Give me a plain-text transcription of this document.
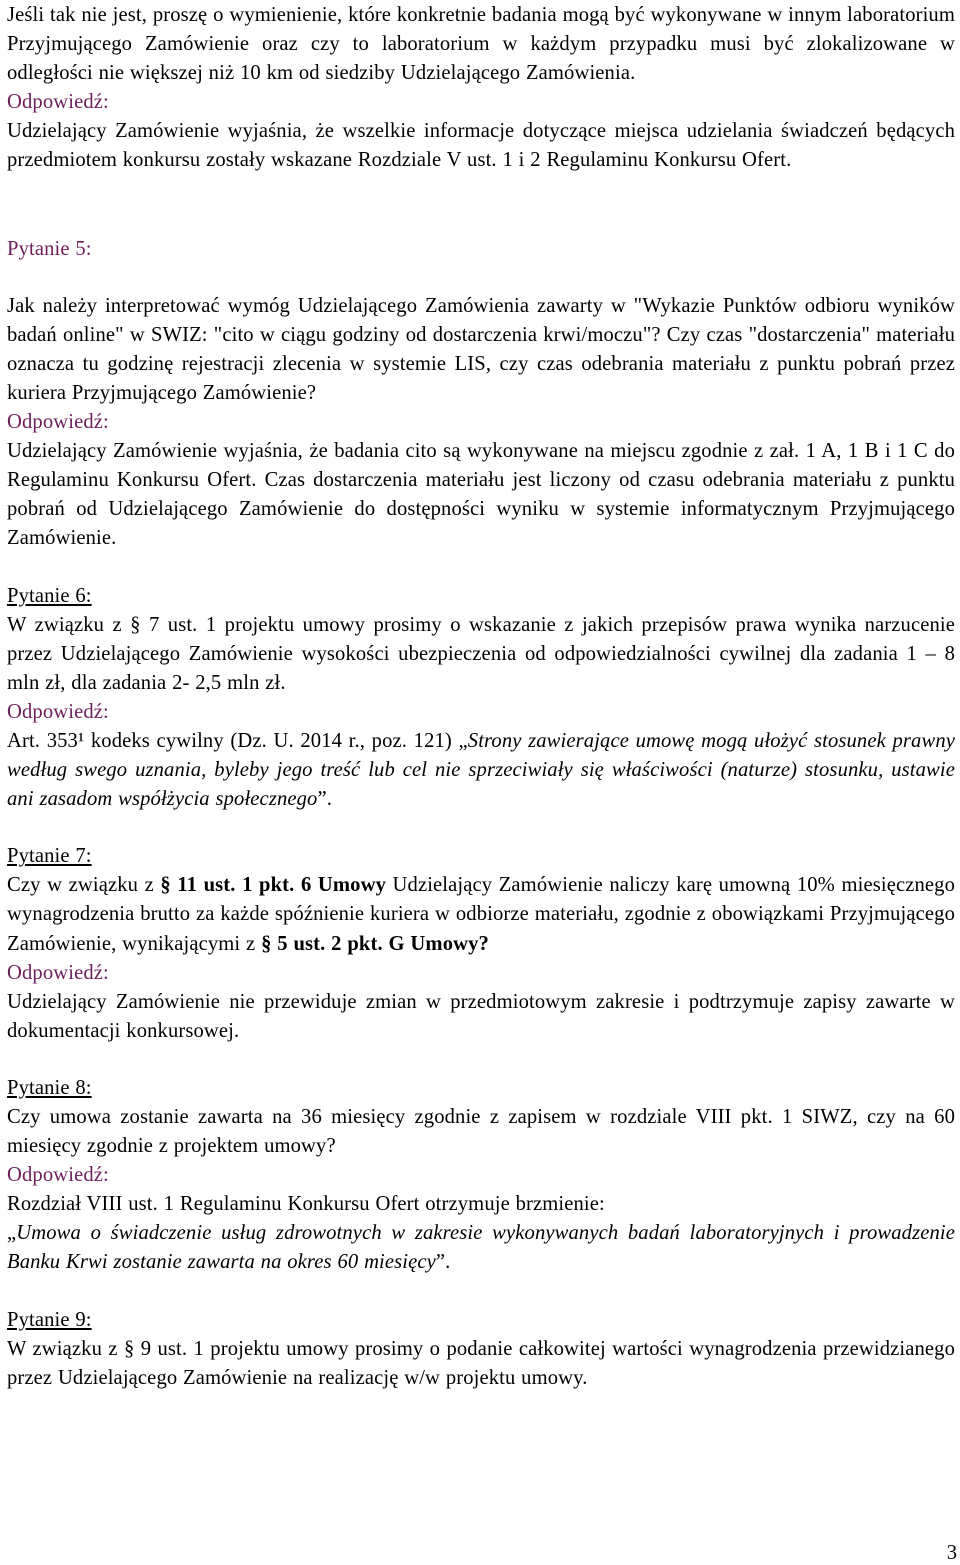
Jeśli tak nie jest, proszę o wymienienie, które konkretnie badania mogą być wykonywane w innym laboratorium Przyjmującego Zamówienie oraz czy to laboratorium w każdym przypadku musi być zlokalizowane w odległości nie większej niż 10 km od siedziby Udzielającego Zamówienia.

Odpowiedź:

Udzielający Zamówienie wyjaśnia, że wszelkie informacje dotyczące miejsca udzielania świadczeń będących przedmiotem konkursu zostały wskazane Rozdziale V ust. 1 i 2 Regulaminu Konkursu Ofert.

Pytanie 5:

Jak należy interpretować wymóg Udzielającego Zamówienia zawarty w "Wykazie Punktów odbioru wyników badań online" w SWIZ: "cito w ciągu godziny od dostarczenia krwi/moczu"? Czy czas "dostarczenia" materiału oznacza tu godzinę rejestracji zlecenia w systemie LIS, czy czas odebrania materiału z punktu pobrań przez kuriera Przyjmującego Zamówienie?

Odpowiedź:

Udzielający Zamówienie wyjaśnia, że badania cito są wykonywane na miejscu zgodnie z zał. 1 A, 1 B i 1 C do Regulaminu Konkursu Ofert. Czas dostarczenia materiału jest liczony od czasu odebrania materiału z punktu pobrań od Udzielającego Zamówienie do dostępności wyniku w systemie informatycznym Przyjmującego Zamówienie.

Pytanie 6:

W związku z § 7 ust. 1 projektu umowy prosimy o wskazanie z jakich przepisów prawa wynika narzucenie przez Udzielającego Zamówienie wysokości ubezpieczenia od odpowiedzialności cywilnej dla zadania 1 – 8 mln zł, dla zadania 2- 2,5 mln zł.

Odpowiedź:

Art. 353¹ kodeks cywilny (Dz. U. 2014 r., poz. 121) „Strony zawierające umowę mogą ułożyć stosunek prawny według swego uznania, byleby jego treść lub cel nie sprzeciwiały się właściwości (naturze) stosunku, ustawie ani zasadom współżycia społecznego”.

Pytanie 7:

Czy w związku z § 11 ust. 1 pkt. 6 Umowy Udzielający Zamówienie naliczy karę umowną 10% miesięcznego wynagrodzenia brutto za każde spóźnienie kuriera w odbiorze materiału, zgodnie z obowiązkami Przyjmującego Zamówienie, wynikającymi z § 5 ust. 2 pkt. G Umowy?

Odpowiedź:

Udzielający Zamówienie nie przewiduje zmian w przedmiotowym zakresie i podtrzymuje zapisy zawarte w dokumentacji konkursowej.

Pytanie 8:

Czy umowa zostanie zawarta na 36 miesięcy zgodnie z zapisem w rozdziale VIII pkt. 1 SIWZ, czy na 60 miesięcy zgodnie z projektem umowy?

Odpowiedź:

Rozdział VIII ust. 1 Regulaminu Konkursu Ofert otrzymuje brzmienie:

„Umowa o świadczenie usług zdrowotnych w zakresie wykonywanych badań laboratoryjnych i prowadzenie Banku Krwi zostanie zawarta na okres 60 miesięcy”.

Pytanie 9:

W związku z § 9 ust. 1 projektu umowy prosimy o podanie całkowitej wartości wynagrodzenia przewidzianego przez Udzielającego Zamówienie na realizację w/w projektu umowy.

3
